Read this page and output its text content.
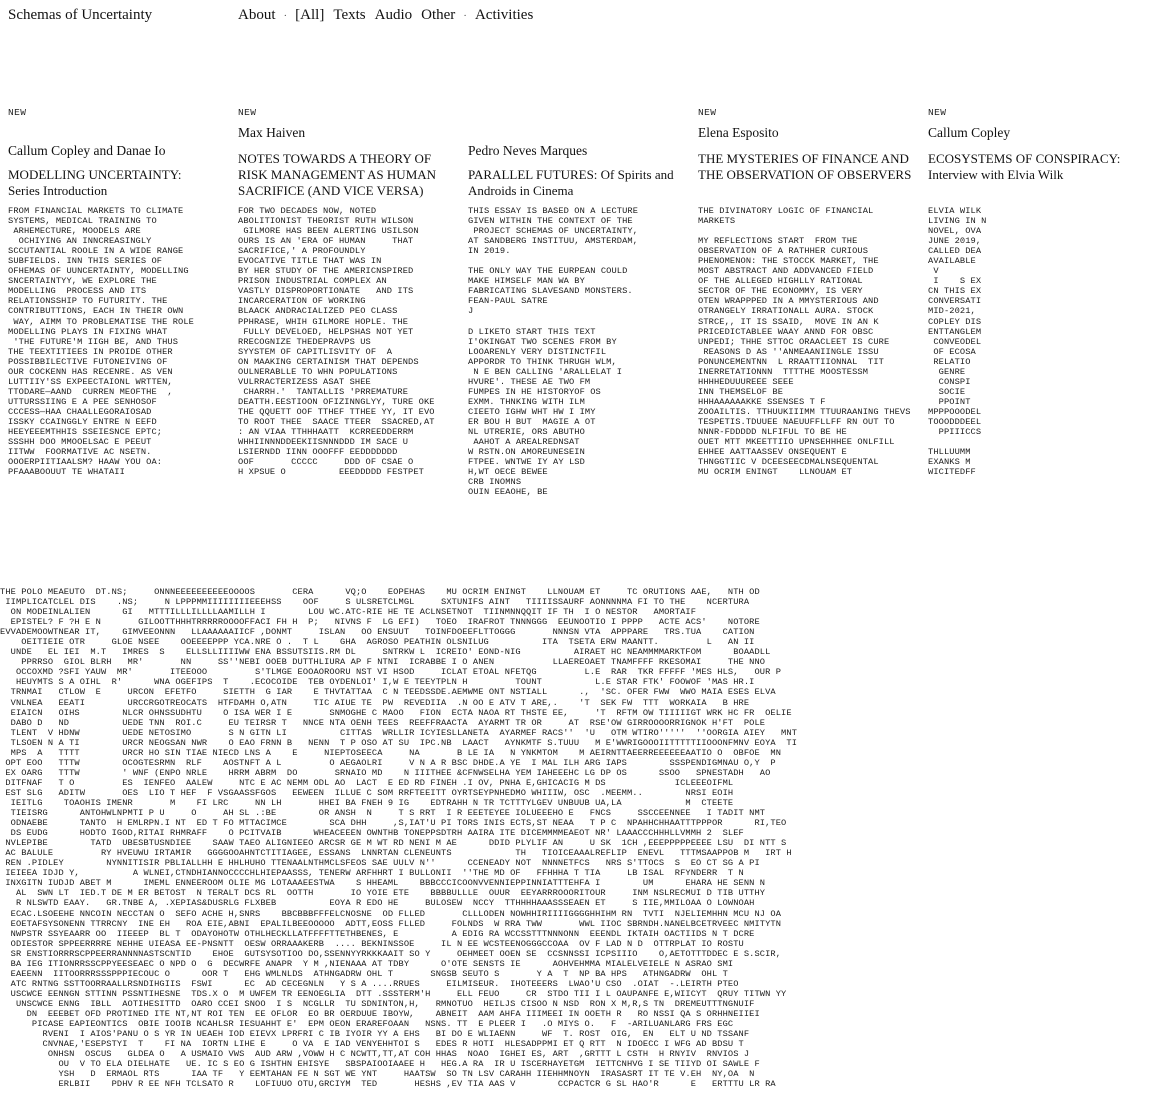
Schemas of Uncertainty	About · [All] Texts Audio Other · Activities
NEW
Callum Copley and Danae Io
MODELLING UNCERTAINTY:
Series Introduction
FROM FINANCIAL MARKETS TO CLIMATE
SYSTEMS, MEDICAL TRAINING TO
ARHEMECTURE, MOODELS ARE
OCHIYING AN INNCREASINGLY
SCCUTANTIAL ROOLE IN A WIDE RANGE
SUBFIELDS. INN THIS SERIES OF
OFHEMAS OF UUNCERTAINTY, MODELLING
SNCERTAINTYY, WE EXPLORE THE
MODELLING  PROCESS AND ITS
RELATIONSSHIP TO FUTURITY. THE
CONTRIBUTTIONS, EACH IN THEIR OWN
WAY, AIMM TO PROBLEMATISE THE ROLE
MODELLING PLAYS IN FIXING WHAT
'THE FUTURE'M IIGH BE, AND THUS
THE TEEXTITIEES IN PROIDE OTHER
POSSIBBILECTIVE FUTONEIVING OF
OUR COCKENN HAS RECENRE. AS VEN
LUTTIIY'SS EXPEECTAIONL WRTTEN,
TTODARE—AAND  CURREN MEOFTHE  ,
UTTURSSIING E A PEE SENHOSOF
CCCESS—HAA CHAALLEGORAIOSAD
ISSKY CCAINGGLY ENTRE N EEFD
HEEYEEEMTHHIS SSEIESNCE EPTC;
SSSHH DOO MMOOELSAC E PEEUT
IITWW  FOORMATIVE AC NSETN.
OOOERPIITIAALSM? HAAW YOU OA:
PFAAABOOUUT TE WHATAII
NEW
Max Haiven
NOTES TOWARDS A THEORY OF RISK MANAGEMENT AS HUMAN SACRIFICE (AND VICE VERSA)
FOR TWO DECADES NOW, NOTED
ABOLITIONIST THEORIST RUTH WILSON
GILMORE HAS BEEN ALERTING USILSON
OURS IS AN 'ERA OF HUMAN     THAT
SACRIFICE,' A PROFOUNDLY
EVOCATIVE TITLE THAT WAS IN
BY HER STUDY OF THE AMERICNSPIRED
PRISON INDUSTRIAL COMPLEX AN
VASTLY DISPROPORTIONATE   AND ITS
INCARCERATION OF WORKING
BLAACK ANDRACIALIZED PEO CLASS
PPHRASE, WHIH GILMORE HOPLE. THE
FULLY DEVELOED, HELPSHAS NOT YET
RRECOGNIZE THEDEPRAVPS US
SYYSTEM OF CAPITLISVITY OF  A
ON MAAKING CERTAINISM THAT DEPENDS
OULNERABLLE TO WHN POPULATIONS
VULRRACTERIZESS ASAT SHEE
CHARRH.'  TANTALLIS 'PRREMATURE
DEATTH.EESTIOON OFIZINNGLYY, TURE OKE
THE QQUETT OOF TTHEF TTHEE YY, IT EVO
TO ROOT THEE  SAACE TTEER  SSACRED,AT
: AN VIAA TTHHHAATT  KCRREEDDERRM
WHHIINNNDDEEKIISNNNDDD IM SACE U
LSIERNDD IINN OOOFFF EEDDDDDDD
OOF       CCCCC     DDD OF CSAE O
H XPSUE O          EEEDDDDD FESTPET
Pedro Neves Marques
PARALLEL FUTURES: Of Spirits and Androids in Cinema
THIS ESSAY IS BASED ON A LECTURE
GIVEN WITHIN THE CONTEXT OF THE
PROJECT SCHEMAS OF UNCERTAINTY,
AT SANDBERG INSTITUU, AMSTERDAM,
IN 2019.

THE ONLY WAY THE EURPEAN COULD
MAKE HIMSELF MAN WA BY
FABRICATING SLAVESAND MONSTERS.
FEAN-PAUL SATRE
J

D LIKETO START THIS TEXT
I'OKINGAT TWO SCENES FROM BY
LOOARENLY VERY DISTINCTFIL
APPORDR TO THINK THRUGH WLM,
N E BEN CALLING 'ARALLELAT I
HVURE'. THESE AE TWO FM
FUMPES IN HE HISTORYOF OS
EXMM. THNKING WITH ILM
CIEETO IGHW WHT HW I IMY
ER BOU H BUT  MAGIE A OT
NL UTRERIE, ORS ABUTHO
AAHOT A AREALREDNSAT
W RSTN.ON AMOREUNESEIN
FTPEE. WNTWE IY AY LSD
H,WT OECE BEWEE
CRB INOMNS
OUIN EEAOHE, BE
NEW
Elena Esposito
THE MYSTERIES OF FINANCE AND THE OBSERVATION OF OBSERVERS
THE DIVINATORY LOGIC OF FINANCIAL
MARKETS

MY REFLECTIONS START  FROM THE
OBSERVATION OF A RATHHER CURIOUS
PHENOMENON: THE STOCCK MARKET, THE
MOST ABSTRACT AND ADDVANCED FIELD
OF THE ALLEGED HIGHLLY RATIONAL
SECTOR OF THE ECONOMMY, IS VERY
OTEN WRAPPPED IN A MMYSTERIOUS AND
OTRANGELY IRRATIONALL AURA. STOCK
STRCE,, IT IS SSAID,  MOVE IN AN K
PRICEDICTABLEE WAAY ANND FOR OBSC
UNPEDI; THHE STTOC ORAACLEET IS CURE
REASONS D AS ''ANMEAANIINGLE ISSU
PONUNCEMENTNN  L RRAATTIIONNAL  TIT
INERRETATIONNN  TTTTHE MOOSTESSM
HHHHEDUUUREEE SEEE
INN THEMSELOF BE
HHHAAAAAAKKE SSENSES T F
ZOOAILTIS. TTHUUKIIIMM TTUURAANING THEVS
TESPETIS.TDUUEE NAEUUFFLLFF RN OUT TO
NNNR-FDDDDD NLFIFUL TO BE HE
OUET MTT MKEETTIIO UPNSEHHHEE ONLFILL
EHHEE AATTAASSEV ONSEQUENT E
THNGGTIIC V DCEESEECDMALNSEQUENTAL
MU OCRIM ENINGT    LLNOUAM ET
NEW
Callum Copley
ECOSYSTEMS OF CONSPIRACY:
Interview with Elvia Wilk
ELVIA WILK
LIVING IN N
NOVEL, OVA
JUNE 2019,
CALLED DEA
AVAILABLE
V
I    S EX
CN THIS EX
CONVERSATI
MID-2021,
COPLEY DIS
ENTTANGLEM
CONVEODEL
OF ECOSA
RELATIO
GENRE
CONSPI
SOCIE
PPOINT
MPPPOOODEL
TOOODDDEEL
PPIIICCS

THLLUUMM
EXANKS M
WICITEDFF
THE POLO MEAEUTO  DT.NS;     ONNNEEEEEEEEEEOOOOS       CERA      VQ;O    EOPEHAS    MU OCRIM ENINGT    LLNOUAM ET     TC ORUTIONS AAE,   NTH OD
IIMPLICATCLEL DIS    .NS;     N LPPPMMIIIIIIIIEEEHSS    OOF     S ULSRETCLMGL     SXTUNIFS AINT   TIIIISSAURF AONNNNMA FI TO THE    NCERTURA
ON MODEINLALIEN      GI   MTTTILLLILLLLAAMILLH I        LOU WC.ATC-RIE HE TE ACLNSETNOT  TIINMNNQQIT IF TH  I O NESTOR   AMORTAIF
EPISTEL? F ?H E N       GILOOTTHHHTRRRRROOOOFFACI FH H  P;   NIVNS F  LG EFI)   TOEO  IRAFROT TNNNGGG  EEUNOOTIO I PPPP   ACTE ACS'    NOTORE
EVVADEMOOWTNEAR IT,    GIMVEEONNN   LLAAAAAAIICF ,DONMT     ISLAN   OO ENSUUT   TOINFDOEEFLTTOGGG       NNNSN VTA  APPPARE   TRS.TUA    CATION
OEITIEIE OTR     GLOE NSEE    OOEEEEPPP YCA.NRE O .  T L    GHA  AGROSO PEATHIN OLSNILUG          ITA  TSETA ERW MAANTT.         L   AN II
UNDE   EL IEI  M.T   IMRES  S    ELLSLLIIIIWW ENA BSSUTSIIS.RM DL     SNTRKW L  ICREIO' EOND-NIG          AIRAET HC NEAMMMMARKTFOM      BOAADLL
PPRRSO  GIOL BLRH   MR'       NN     SS''NEBI OOEB DUTTHLIURA AP F NTNI  ICRABBE I O ANEN           LLAEREOAET TNAMFFFF RKESOMAI     THE NNO
OCCOXMD ?SFI YAUW  MR'       ITEEOOO         S'TLMGE EOOAOROORU NST VI HSOD     ICLAT ETOAL NFETQG         L.E  RAR  TKR FFFFF 'MES HLS,   OUR P
HEUYMTS S A OIHL  R'      WNA OGEFIPS  T    .ECOCOIDE  TEB OYDENLOI' I,W E TEEYTPLN H         TOUNT          L.E STAR FTK' FOOWOF 'MAS HR.I
TRNMAI   CTLOW  E     URCON  EFETFO     SIETTH  G IAR    E THVTATTAA  C N TEEDSSDE.AEMWME ONT NSTIALL      .,  'SC. OFER FWW  WWO MAIA ESES ELVA
VNLNEA   EEATI        URCCRGOTREOCATS  HTFDAMH O,ATN     TIC AIUE TE  PW  REVEDIIA  .N OO E ATV T ARE,.    'T  SEK FW  TTT  WORKAIA   B HRE
EIAICN   OIHS        NLCR OHNSSUDHTU    O ISA WER I E       SNMOGHE C MAOO   FION  ECTA NAOA RT THSTE EE,     'T  RFTM OW TIIIIIGT WRK HC FR  OELIE
DABO D   ND          UEDE TNN  ROI.C     EU TEIRSR T   NNCE NTA OENH TEES  REEFFRAACTA  AYARMT TR OR     AT  RSE'OW GIRROOOORRIGNOK H'FT  POLE
TLENT  V HDNW        UEDE NETOSIMO       S N GITN LI          CITTAS  WRLLIR ICYIESLLANETA  AYARMEF RACS''  'U   OTM WTIRO'''''  ''OORGIA AIEY   MNT
TLSOEN N A TI        URCR NEOGSAN NWR    O EAO FRNN B   NENN  T P OSO AT SU  IPC.NB  LAACT   AYNKMTF S.TUUU   M E'WWRIGOOOIITTTTTIIOOONFMNV EOYA  TI
MPS  A   TTTT        URCR HO SIN TIAE NIECD LNS A    E     NIEPTOSEECA     NA       B LE IA   N YNKMTOM    M AEIRNTTAEERREEEEEEAATIO O  OBFOE  MN
OPT EOO   TTTW        OCOGTESRMN  RLF    AOSTNFT A L         O AEGAOLRI     V N A R BSC DHDE.A YE  I MAL ILH ARG IAPS        SSSPENDIGMNAU O,Y  P
EX OARG   TTTW        ' WNF (ENPO NRLE    HRRM ABRM  DO       SRNAIO MD    N IIITHEE &CFNWSELHA YEM IAHEEEHC LG DP OS      SSOO   SPNESTADH   AO
DITFNAF   T O         ES  IENFEO  AALEW     NTC E AC NEMM ODL AO  LACT  E ED RD FINEH .I OV, PNHA E,GHICACIG M DS             ICLEEEOIFML
EST SLG   ADITW       OES  LIO T HEF  F VSGAASSFGOS   EEWEEN  ILLUE C SOM RRFTEEITT OYRTSEYPNHEDMO WHIIIW, OSC  .MEEMM..        NRSI EOIH
IEITLG    TOAOHIS IMENR       M    FI LRC     NN LH       HHEI BA FNEH 9 IG    EDTRAHH N TR TCTTTYLGEV UNBUUB UA,LA            M  CTEETE
TIEISRG      ANTOHWLNPMTI P U     O     AH SL .:BE        OR ANSH  N     T S RRT  I R EEETEYEE IOLUEEEHO E   FNCS     SSCCEENNEE   I TADIT NMT
ODNAEBE      TANTO  H EMLRPN.I NT  ED T FO MTTACIMCE        SCA DHH     ,S,IAT'U PI TORS INIS ECTS,ST NEAA   T P C  NPAHHCHHAATTTPPPOR      RI,TEO
DS EUDG      HODTO IGOD,RITAI RHMRAFF    O PCITVAIB      WHEACEEEN OWNTHB TONEPPSDTRH AAIRA ITE DICEMMMMEAEOT NR' LAAACCCHHHLLVMMH 2  SLEF
NVLEPIBE        TATD  UBESBTUSNDIEE    SAAW TAEO ALIGNIEEO ARCSR GE M WT RD NENI M AE      DDID PLYLIF AN     U SK  1CH ,EEEPPPPPEEEE LSU  DI NTT S
AC BALULE         RY HVEUWU IRTAMIR   GGGGOOAHNTCTITIAGEE, ESSANS  LNNRTAN CLENEUNTS            TH   TIOICEAAALREFLIP  ENEVL   TTTMSAAPPOB M   IRT H
REN .PIDLEY        NYNNITISIR PBLIALLHH E HHLHUHO TTENAALNTHMCLSFEOS SAE UULV N''      CCENEADY NOT  NNNNETFCS   NRS S'TTOCS  S  EO CT SG A PI
IEIEEA IDJD Y,          A WLNEI,CTNDHIANNOCCCCHLHIEPAASSS, TENERW ARFHHRT I BULLONII  ''THE MD OF   FFHHHA T TIA     LB ISAL  RFYNDERR  T N
INXGITN IUDJD ABET M      IMEML ENNEEROOM OLIE MG LOTAAAEESTWA    S HHEAML    BBBCCCICOONVVENNIEPPINNIATTTEHFA I        UM      EHARA HE SENN N
AL  SWN LT  IED.T DE M ER BETOST  N TERALT DCS RL  OOTTH       IO YOIE ETE    BBBBULLLE  OUUR  EEYARRROOORITOUR     INM NSLRECMUI D TIB UTTHY
R NLSWTD EAAY.   GR.TNBE A, .XEPIAS&DUSRLG FLXBEB          EOYA R EDO HE     BULOSEW  NCCY  TTHHHHAAASSSEAEN ET     S IIE,MMILOAA O LOWNOAH
ECAC.LSOEEHE NNCOIN NECCTAN O  SEFO ACHE H,SNRS    BBCBBBFFFELCNOSNE  OD FLLED       CLLLODEN NOWHHIRIIIIGGGGHHIHM RN  TVTI  NJELIEMHHN MCU NJ OA
EOETAFSYSONENN TTRRCNY  INE EH   ROA EIE,ABNI  EPALILBEEOOOOO  ADTT,EOSS FLLED     FOLNDS  W RRA TWW       WWL IIOC SBRNDH.NANELBCETRVEEC NMITYTN
NWPSTR SSYEAARR OO  IIEEEP  BL T  ODAYOHOTW OTHLHECKLLATFFFFTTETHBENES, E          A EDIG RA WCCSSTTTNNNONN  EEENDL IKTAIH OACTIIDS N T DCRE
ODIESTOR SPPEERRRRE NEHHE UIEASA EE-PNSNTT  OESW ORRAAAKERB  .... BEKNINSSOE     IL N EE WCSTEENOGGGCCOAA  OV F LAD N D  OTTRPLAT IO ROSTU
SR ENSTIORRRSCPPEERRANNNNASTSCNTID    EHOE  GUTSYSOTIOO DO,SSENNYYRKKKAAIT SO Y     OEHMEET OOEN SE  CCSNNSSI ICPSIIIO    O,AETOTTTDDEC E S.SCIR,
BA IEG ITIONRRSSCPPYEESEAEC O NPD O  G  DECWRFE ANAPR  Y M ,NIENAAA AT TDBY      O'OTE SENSTS IE      AOHVEHMMA MIALELVEIELE N ASRAO SMI
EAEENN  IITOORRRSSSPPPIECOUC O      OOR T   EHG WMLNLDS  ATHNGADRW OHL T       SNGSB SEUTO S       Y A  T  NP BA HPS   ATHNGADRW  OHL T
ATC RNTNG SSTTOORRAALLRSNDIHGIIS  FSWI      EC  AD CECEGNLN   Y S A ....RRUES     EILMISEUR.  IHOTEEERS  LWAO'U CSO  .OIAT  -.LEIRTH PTEO
USCWCE EENNGN STTINN PSSNTIHESNE  TDS.X O  M UWFEM TR EENOEGLIA  DTT .SSSTERM'H     ELL FEUO     CR  STDO TII I L OAUPANFE E,WIICYT  QRUY TITWN YY
UNSCWCE ENNG  IBLL  AOTIHESITTD  OARO CCEI SNOO  I S  NCGLLR  TU SDNINTON,H,   RMNOTUO  HEILJS CISOO N NSD  RON X M,R,S TN  DREMEUTTTNGNUIF
DN  EEEBET OFD PROTINED ITE NT,NT ROI TEN  EE OFLOR  EO BR OERDUUE IBOYW,    ABNEIT  AAM AHFA IIIMEEI IN OOETH R   RO NSSI QA S ORHHNEIIEI
PICASE EAPIEONTICS  OBIE IOOIB NCAHLSR IESUAHHT E'  EPM OEON ERAREFOAAN   NSNS. TT  E PLEER I   .O MIYS O.   F  -ARILUANLARG FRS EGC
RVENI  I AIOS'PANU O S YR IN UEAEH IOD EIEVX LPRFRI C IB IYOIR YY A EHS   BI DO E WLIAENN     WF  T. ROST  OIG,  EN   ELT U ND TSSANF
CNVNAE,'ESEPSTYI  T    FI NA  IORTN LIHE E     O VA  E IAD VENYEHHTOI S   EDES R HOTI  HLESADPPMI ET Q RTT  N IDOECC I WFG AD BDSU T
ONHSN  OSCUS   GLDEA O   A USMAIO VWS  AUD ARW ,VOWW H C NCWTT,TT,AT COH HHAS  NOAO  IGHEI ES, ART  ,GRTTT L CSTH  H RNYIV  RNVIOS J
OU  V TO ELA DIELHATE   UE. IC S EO G ISHTHN EHISYE   SBSPAIOOIAAEE H   HEG.A RA  IR U ISCERHAYETGM  IETTCNHVG I SE TIIYD OI SAWLE F
YSH   D  ERMAOL RTS      IAA TF   Y EEMTAHAN FE N SGT WE YNT     HAATSW  SO TN LSV CARAHH IIEHHMNOYN  IRASASRT IT TE V.EH  NY,OA  N
ERLBII    PDHV R EE NFH TCLSATO R    LOFIUUO OTU,GRCIYM  TED       HESHS ,EV TIA AAS V        CCPACTCR G SL HAO'R      E   ERTTTU LR RA
